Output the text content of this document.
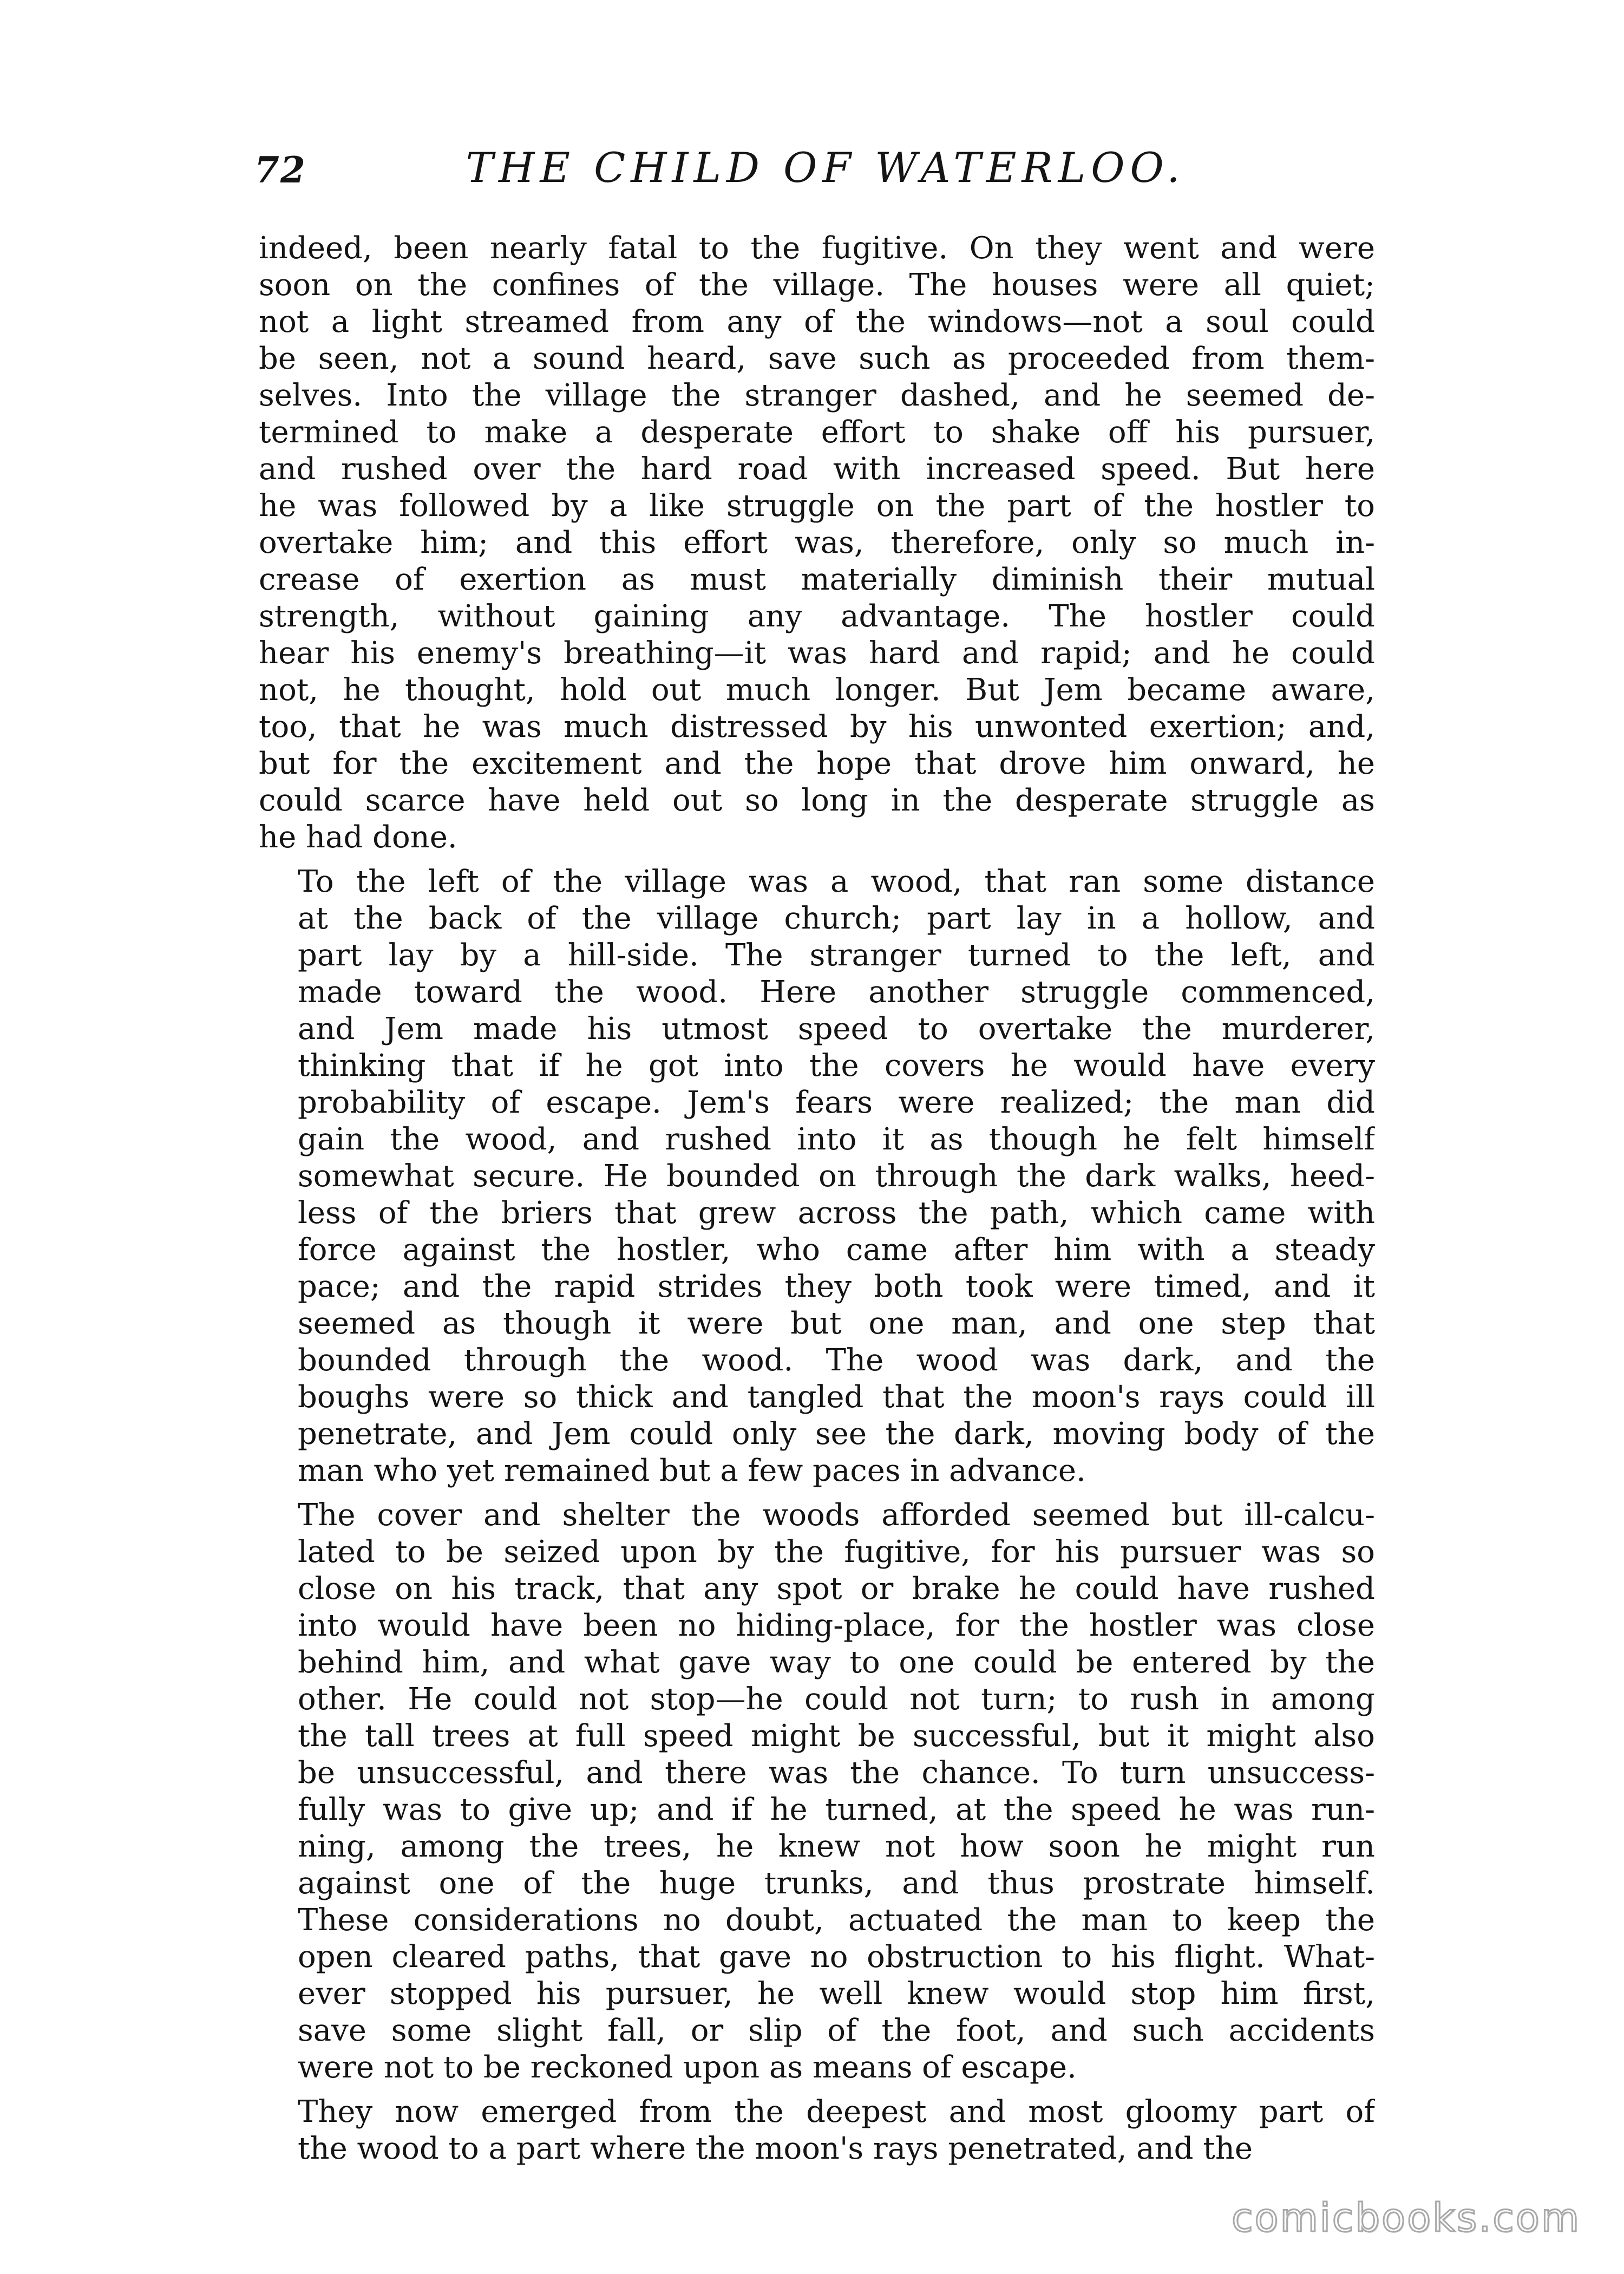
72	THE CHILD OF WATERLOO.
indeed, been nearly fatal to the fugitive. On they went and were
soon on the confines of the village. The houses were all quiet;
not a light streamed from any of the windows—not a soul could
be seen, not a sound heard, save such as proceeded from them-
selves. Into the village the stranger dashed, and he seemed de-
termined to make a desperate effort to shake off his pursuer,
and rushed over the hard road with increased speed. But here
he was followed by a like struggle on the part of the hostler to
overtake him; and this effort was, therefore, only so much in-
crease of exertion as must materially diminish their mutual
strength, without gaining any advantage. The hostler could
hear his enemy's breathing—it was hard and rapid; and he could
not, he thought, hold out much longer. But Jem became aware,
too, that he was much distressed by his unwonted exertion; and,
but for the excitement and the hope that drove him onward, he
could scarce have held out so long in the desperate struggle as
he had done.
To the left of the village was a wood, that ran some distance
at the back of the village church; part lay in a hollow, and
part lay by a hill-side. The stranger turned to the left, and
made toward the wood. Here another struggle commenced,
and Jem made his utmost speed to overtake the murderer,
thinking that if he got into the covers he would have every
probability of escape. Jem's fears were realized; the man did
gain the wood, and rushed into it as though he felt himself
somewhat secure. He bounded on through the dark walks, heed-
less of the briers that grew across the path, which came with
force against the hostler, who came after him with a steady
pace; and the rapid strides they both took were timed, and it
seemed as though it were but one man, and one step that
bounded through the wood. The wood was dark, and the
boughs were so thick and tangled that the moon's rays could ill
penetrate, and Jem could only see the dark, moving body of the
man who yet remained but a few paces in advance.
The cover and shelter the woods afforded seemed but ill-calcu-
lated to be seized upon by the fugitive, for his pursuer was so
close on his track, that any spot or brake he could have rushed
into would have been no hiding-place, for the hostler was close
behind him, and what gave way to one could be entered by the
other. He could not stop—he could not turn; to rush in among
the tall trees at full speed might be successful, but it might also
be unsuccessful, and there was the chance. To turn unsuccess-
fully was to give up; and if he turned, at the speed he was run-
ning, among the trees, he knew not how soon he might run
against one of the huge trunks, and thus prostrate himself.
These considerations no doubt, actuated the man to keep the
open cleared paths, that gave no obstruction to his flight. What-
ever stopped his pursuer, he well knew would stop him first,
save some slight fall, or slip of the foot, and such accidents
were not to be reckoned upon as means of escape.
They now emerged from the deepest and most gloomy part of
the wood to a part where the moon's rays penetrated, and the
comicbooks.com
